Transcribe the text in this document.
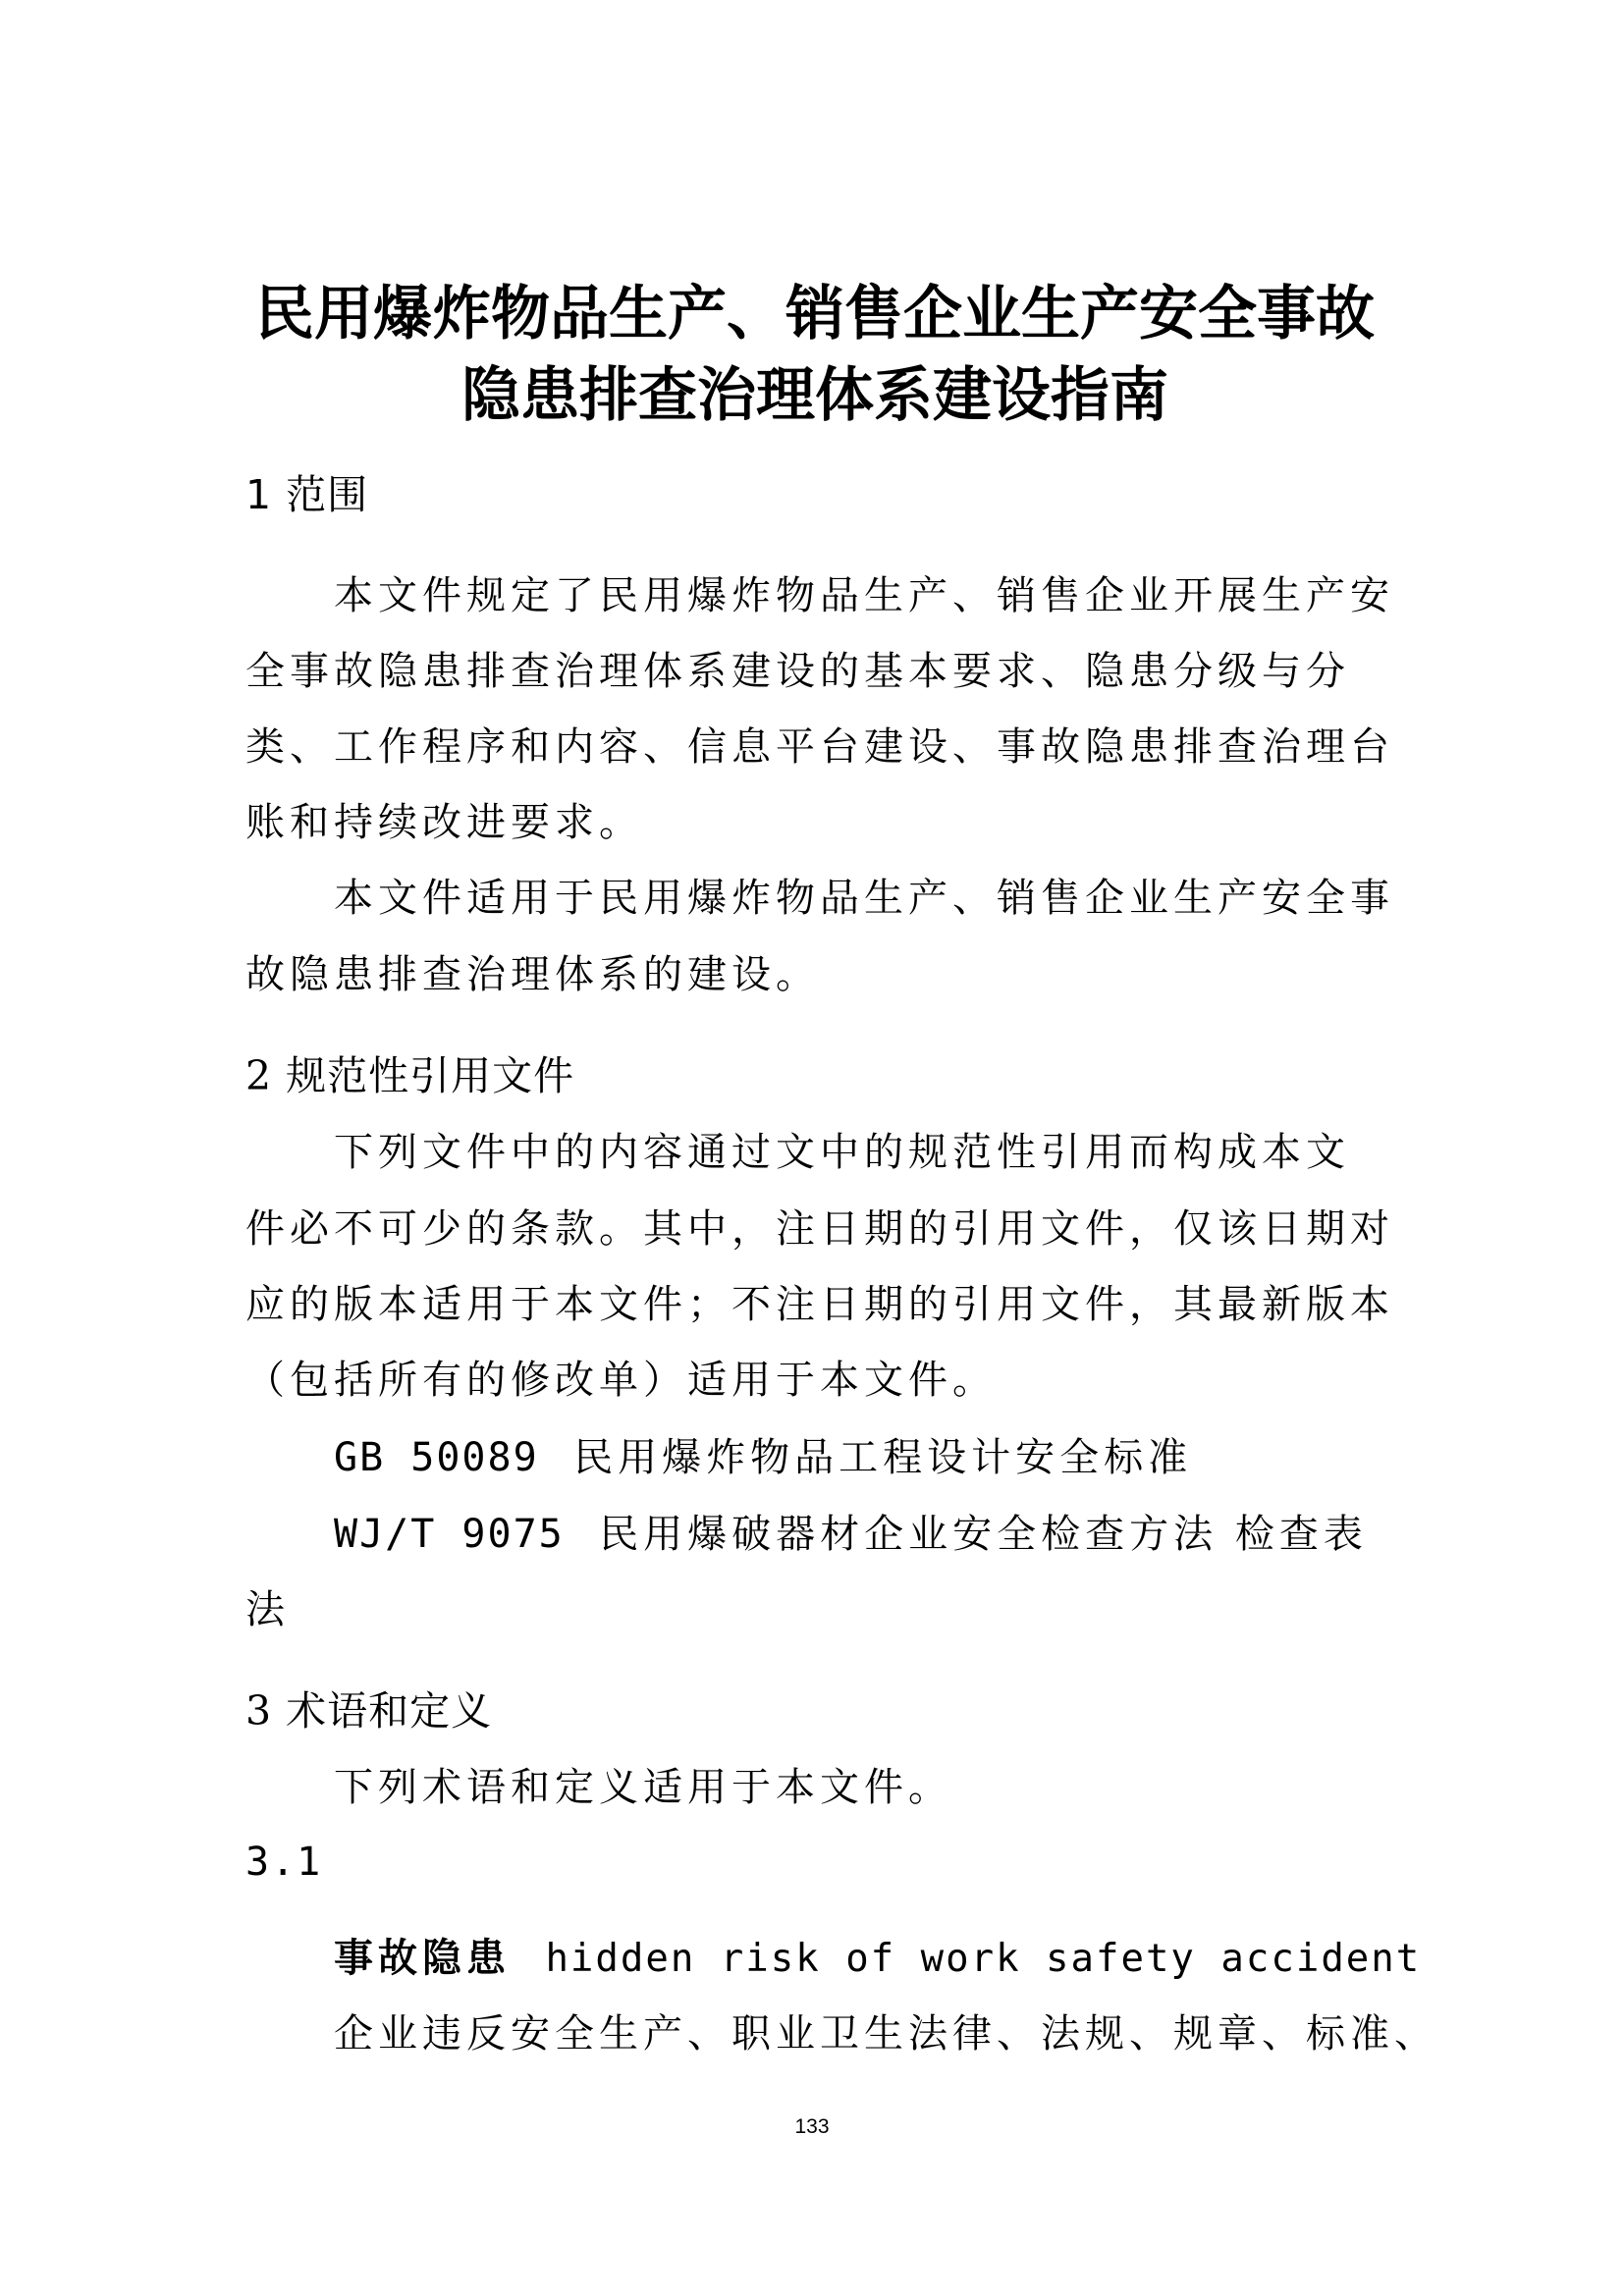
民用爆炸物品生产、销售企业生产安全事故
隐患排查治理体系建设指南
1 范围
本文件规定了民用爆炸物品生产、销售企业开展生产安
全事故隐患排查治理体系建设的基本要求、隐患分级与分
类、工作程序和内容、信息平台建设、事故隐患排查治理台
账和持续改进要求。
本文件适用于民用爆炸物品生产、销售企业生产安全事
故隐患排查治理体系的建设。
2 规范性引用文件
下列文件中的内容通过文中的规范性引用而构成本文
件必不可少的条款。其中，注日期的引用文件，仅该日期对
应的版本适用于本文件；不注日期的引用文件，其最新版本
（包括所有的修改单）适用于本文件。
GB 50089 民用爆炸物品工程设计安全标准
WJ/T 9075 民用爆破器材企业安全检查方法 检查表
法
3 术语和定义
下列术语和定义适用于本文件。
3.1
事故隐患 hidden risk of work safety accident
企业违反安全生产、职业卫生法律、法规、规章、标准、
133
